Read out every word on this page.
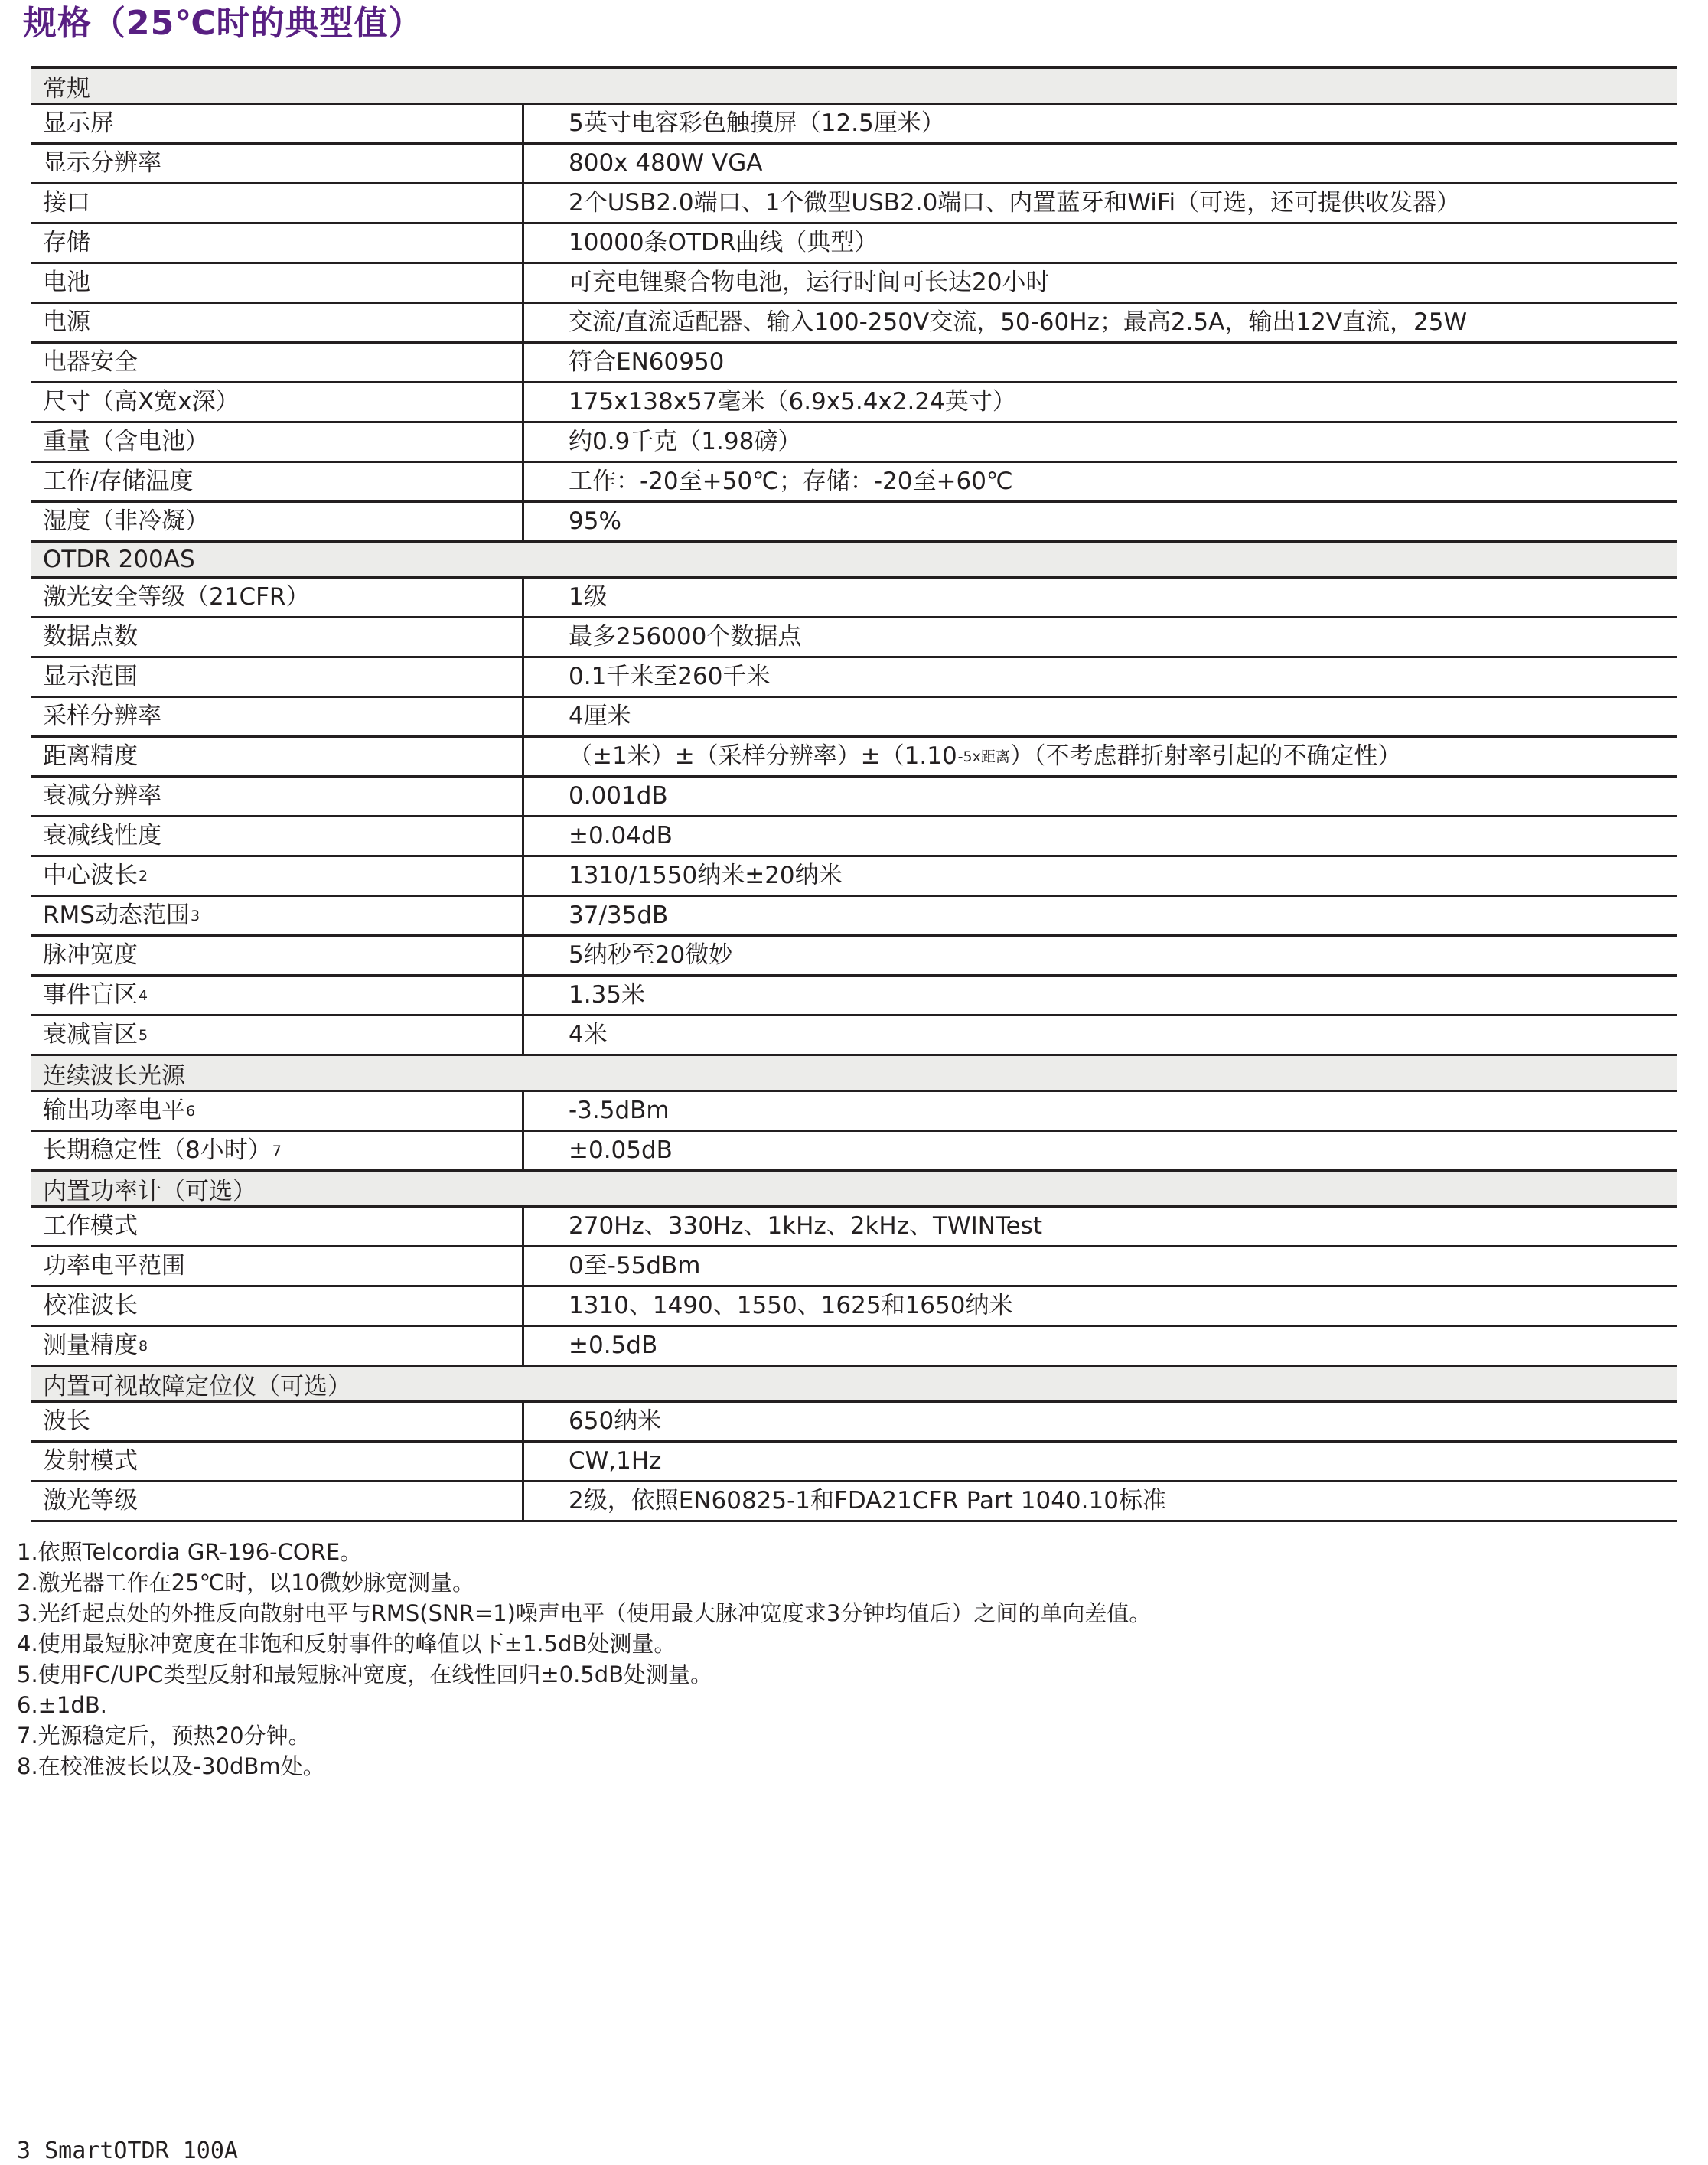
规格（25℃时的典型值）
常规
显示屏	5英寸电容彩色触摸屏（12.5厘米）
显示分辨率	800x 480W VGA
接口	2个USB2.0端口、1个微型USB2.0端口、内置蓝牙和WiFi（可选，还可提供收发器）
存储	10000条OTDR曲线（典型）
电池	可充电锂聚合物电池，运行时间可长达20小时
电源	交流/直流适配器、输入100-250V交流，50-60Hz；最高2.5A，输出12V直流，25W
电器安全	符合EN60950
尺寸（高X宽x深）	175x138x57毫米（6.9x5.4x2.24英寸）
重量（含电池）	约0.9千克（1.98磅）
工作/存储温度	工作：-20至+50℃；存储：-20至+60℃
湿度（非冷凝）	95%
OTDR 200AS
激光安全等级（21CFR）	1级
数据点数	最多256000个数据点
显示范围	0.1千米至260千米
采样分辨率	4厘米
距离精度	（±1米）±（采样分辨率）±（1.10 -5x距离 ）（不考虑群折射率引起的不确定性）
衰减分辨率	0.001dB
衰减线性度	±0.04dB
中心波长 2	1310/1550纳米±20纳米
RMS动态范围 3	37/35dB
脉冲宽度	5纳秒至20微妙
事件盲区 4	1.35米
衰减盲区 5	4米
连续波长光源
输出功率电平 6	-3.5dBm
长期稳定性（8小时） 7	±0.05dB
内置功率计（可选）
工作模式	270Hz、330Hz、1kHz、2kHz、TWINTest
功率电平范围	0至-55dBm
校准波长	1310、1490、1550、1625和1650纳米
测量精度 8	±0.5dB
内置可视故障定位仪（可选）
波长	650纳米
发射模式	CW,1Hz
激光等级	2级，依照EN60825-1和FDA21CFR Part 1040.10标准
1.依照Telcordia GR-196-CORE。
2.激光器工作在25℃时，以10微妙脉宽测量。
3.光纤起点处的外推反向散射电平与RMS(SNR=1)噪声电平（使用最大脉冲宽度求3分钟均值后）之间的单向差值。
4.使用最短脉冲宽度在非饱和反射事件的峰值以下±1.5dB处测量。
5.使用FC/UPC类型反射和最短脉冲宽度，在线性回归±0.5dB处测量。
6.±1dB.
7.光源稳定后，预热20分钟。
8.在校准波长以及-30dBm处。
3 SmartOTDR 100A
